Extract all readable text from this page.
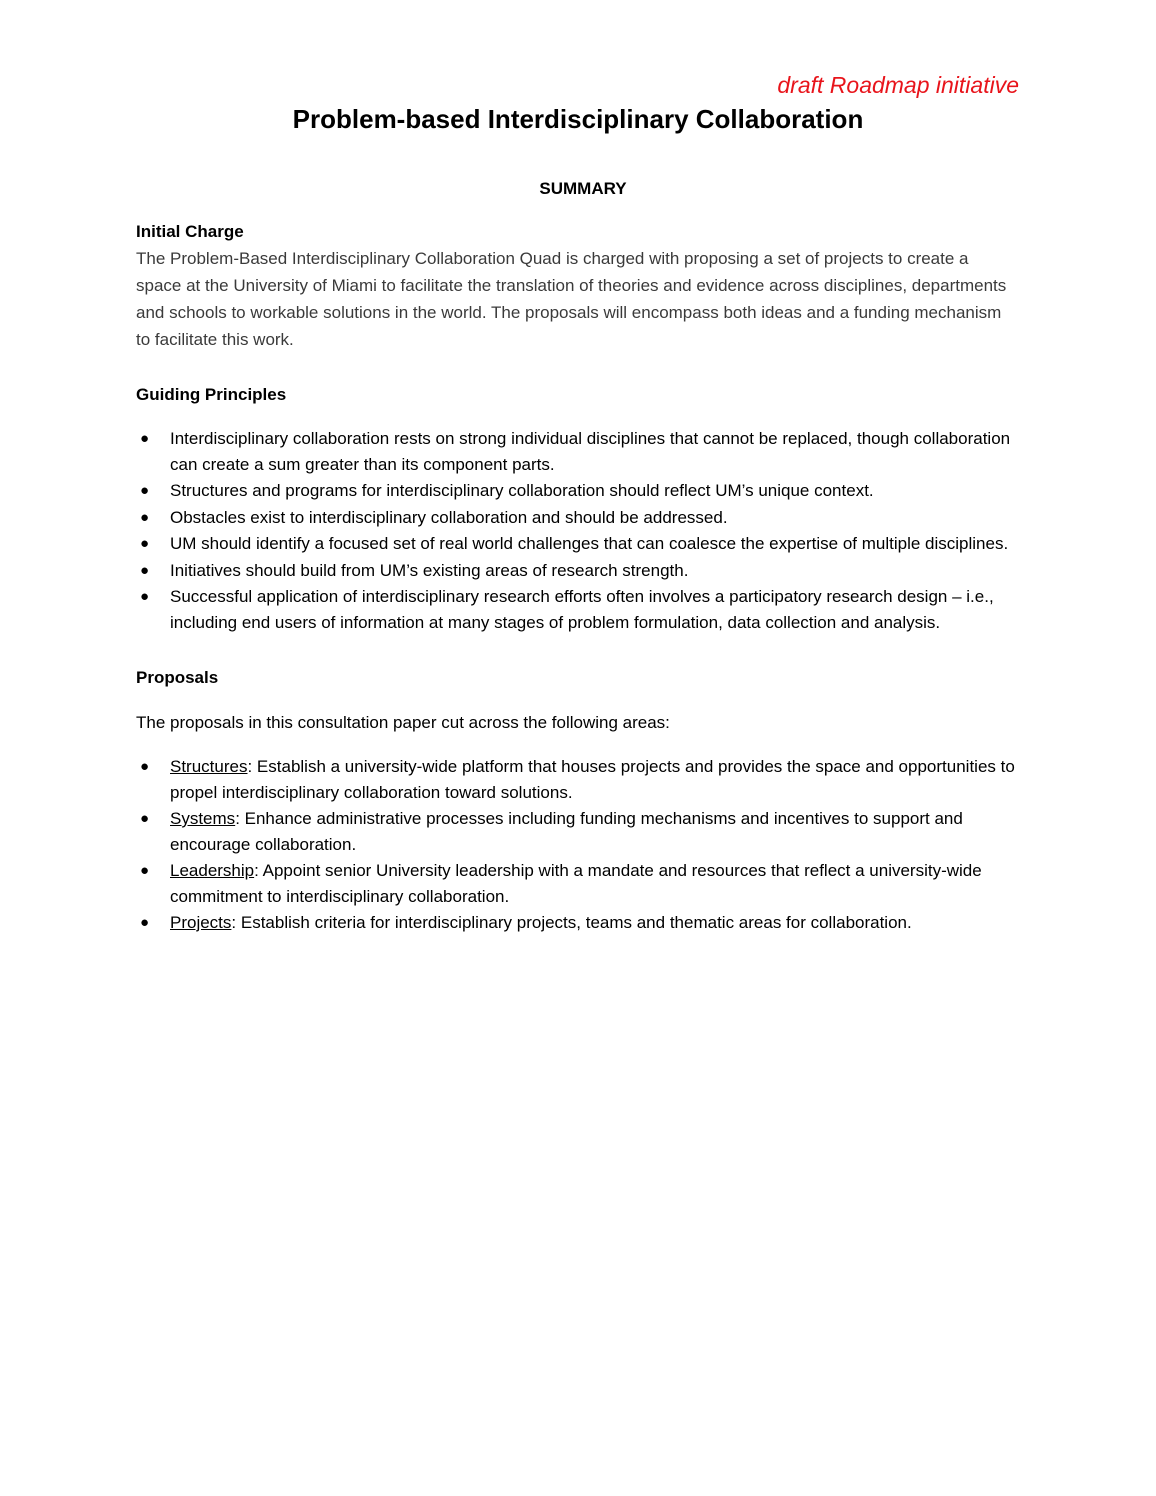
draft Roadmap initiative
Problem-based Interdisciplinary Collaboration
SUMMARY
Initial Charge

The Problem-Based Interdisciplinary Collaboration Quad is charged with proposing a set of projects to create a space at the University of Miami to facilitate the translation of theories and evidence across disciplines, departments and schools to workable solutions in the world. The proposals will encompass both ideas and a funding mechanism to facilitate this work.

Guiding Principles
● Interdisciplinary collaboration rests on strong individual disciplines that cannot be replaced, though collaboration can create a sum greater than its component parts.
● Structures and programs for interdisciplinary collaboration should reflect UM’s unique context.
● Obstacles exist to interdisciplinary collaboration and should be addressed.
● UM should identify a focused set of real world challenges that can coalesce the expertise of multiple disciplines.
● Initiatives should build from UM’s existing areas of research strength.
● Successful application of interdisciplinary research efforts often involves a participatory research design – i.e., including end users of information at many stages of problem formulation, data collection and analysis.
Proposals

The proposals in this consultation paper cut across the following areas:

● Structures: Establish a university-wide platform that houses projects and provides the space and opportunities to propel interdisciplinary collaboration toward solutions.
● Systems: Enhance administrative processes including funding mechanisms and incentives to support and encourage collaboration.
● Leadership: Appoint senior University leadership with a mandate and resources that reflect a university-wide commitment to interdisciplinary collaboration.
● Projects: Establish criteria for interdisciplinary projects, teams and thematic areas for collaboration.
